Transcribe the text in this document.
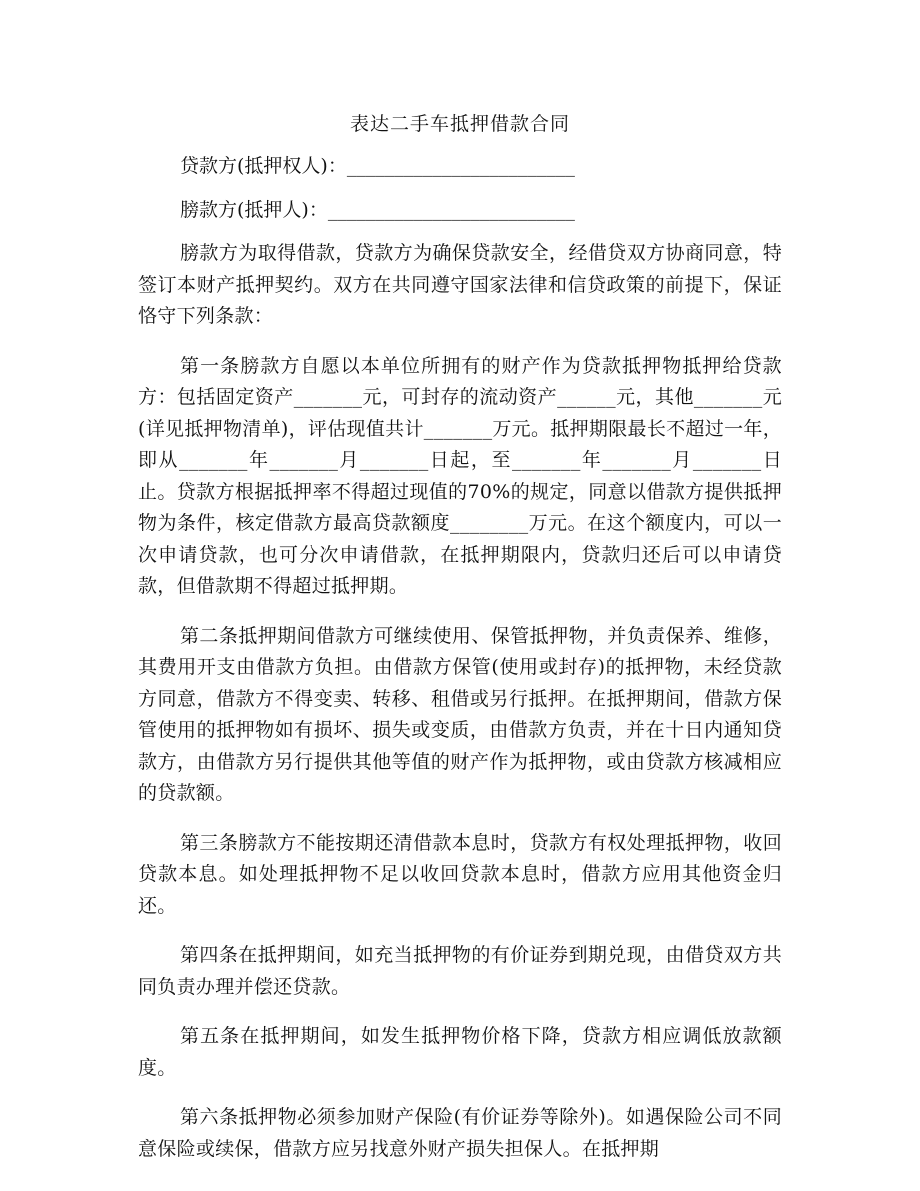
表达二手车抵押借款合同

贷款方(抵押权人)：________________________

膀款方(抵押人)：__________________________

膀款方为取得借款，贷款方为确保贷款安全，经借贷双方协商同意，特签订本财产抵押契约。双方在共同遵守国家法律和信贷政策的前提下，保证恪守下列条款：

第一条膀款方自愿以本单位所拥有的财产作为贷款抵押物抵押给贷款方：包括固定资产_______元，可封存的流动资产______元，其他_______元(详见抵押物清单)，评估现值共计_______万元。抵押期限最长不超过一年，即从_______年_______月_______日起，至_______年_______月_______日止。贷款方根据抵押率不得超过现值的70%的规定，同意以借款方提供抵押物为条件，核定借款方最高贷款额度________万元。在这个额度内，可以一次申请贷款，也可分次申请借款，在抵押期限内，贷款归还后可以申请贷款，但借款期不得超过抵押期。

第二条抵押期间借款方可继续使用、保管抵押物，并负责保养、维修，其费用开支由借款方负担。由借款方保管(使用或封存)的抵押物，未经贷款方同意，借款方不得变卖、转移、租借或另行抵押。在抵押期间，借款方保管使用的抵押物如有损坏、损失或变质，由借款方负责，并在十日内通知贷款方，由借款方另行提供其他等值的财产作为抵押物，或由贷款方核减相应的贷款额。

第三条膀款方不能按期还清借款本息时，贷款方有权处理抵押物，收回贷款本息。如处理抵押物不足以收回贷款本息时，借款方应用其他资金归还。

第四条在抵押期间，如充当抵押物的有价证券到期兑现，由借贷双方共同负责办理并偿还贷款。

第五条在抵押期间，如发生抵押物价格下降，贷款方相应调低放款额度。

第六条抵押物必须参加财产保险(有价证券等除外)。如遇保险公司不同意保险或续保，借款方应另找意外财产损失担保人。在抵押期
